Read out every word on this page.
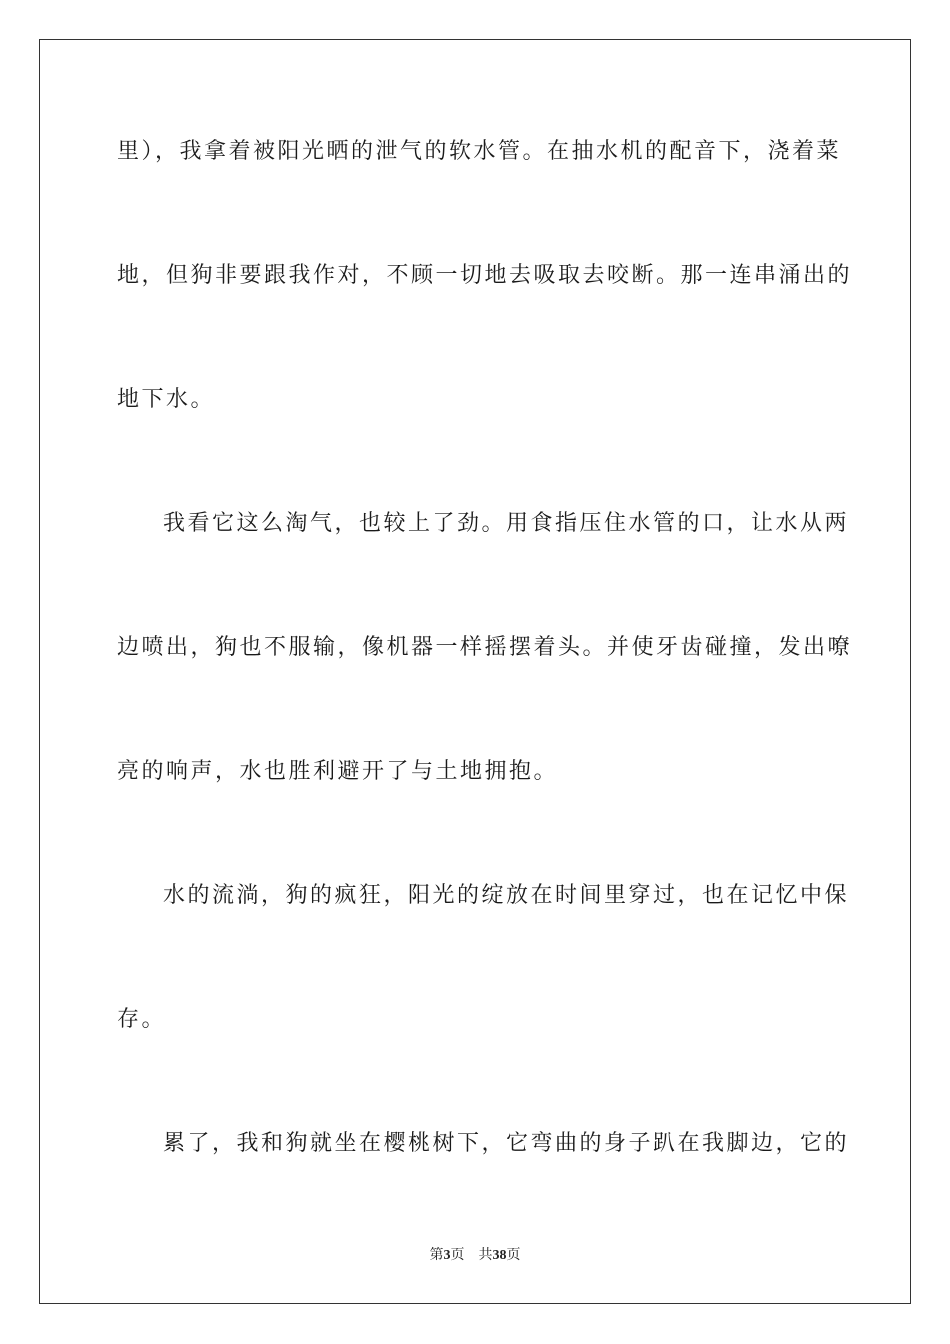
里），我拿着被阳光晒的泄气的软水管。在抽水机的配音下，浇着菜
地，但狗非要跟我作对，不顾一切地去吸取去咬断。那一连串涌出的
地下水。
我看它这么淘气，也较上了劲。用食指压住水管的口，让水从两
边喷出，狗也不服输，像机器一样摇摆着头。并使牙齿碰撞，发出嘹
亮的响声，水也胜利避开了与土地拥抱。
水的流淌，狗的疯狂，阳光的绽放在时间里穿过，也在记忆中保
存。
累了，我和狗就坐在樱桃树下，它弯曲的身子趴在我脚边，它的
第3页 共38页
